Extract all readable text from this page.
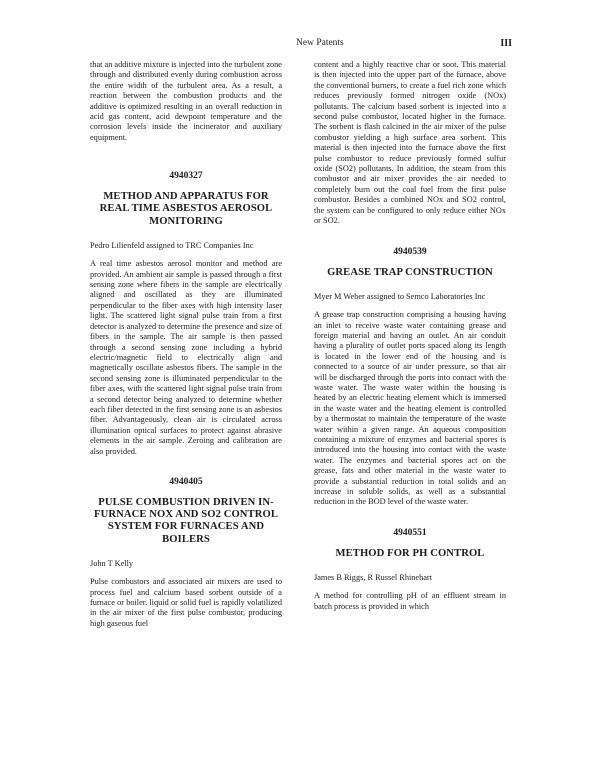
New Patents	III

that an additive mixture is injected into the turbulent zone through and distributed evenly during combustion across the entire width of the turbulent area. As a result, a reaction between the combustion products and the additive is optimized resulting in an overall reduction in acid gas content, acid dewpoint temperature and the corrosion levels inside the incinerator and auxiliary equipment.

4940327

METHOD AND APPARATUS FOR REAL TIME ASBESTOS AEROSOL MONITORING

Pedro Lilienfeld assigned to TRC Companies Inc

A real time asbestos aerosol monitor and method are provided. An ambient air sample is passed through a first sensing zone where fibers in the sample are electrically aligned and oscillated as they are illuminated perpendicular to the fiber axes with high intensity laser light. The scattered light signal pulse train from a first detector is analyzed to determine the presence and size of fibers in the sample. The air sample is then passed through a second sensing zone including a hybrid electric/magnetic field to electrically align and magnetically oscillate asbestos fibers. The sample in the second sensing zone is illuminated perpendicular to the fiber axes, with the scattered light signal pulse train from a second detector being analyzed to determine whether each fiber detected in the first sensing zone is an asbestos fiber. Advantageously, clean air is circulated across illumination optical surfaces to protect against abrasive elements in the air sample. Zeroing and calibration are also provided.

4940405

PULSE COMBUSTION DRIVEN IN-FURNACE NOX AND SO2 CONTROL SYSTEM FOR FURNACES AND BOILERS

John T Kelly

Pulse combustors and associated air mixers are used to process fuel and calcium based sorbent outside of a furnace or boiler. liquid or solid fuel is rapidly volatilized in the air mixer of the first pulse combustor, producing high gaseous fuel

content and a highly reactive char or soot. This material is then injected into the upper part of the furnace, above the conventional burners, to create a fuel rich zone which reduces previously formed nitrogen oxide (NOx) pollutants. The calcium based sorbent is injected into a second pulse combustor, located higher in the furnace. The sorbent is flash calcined in the air mixer of the pulse combustor yielding a high surface area sorbent. This material is then injected into the furnace above the first pulse combustor to reduce previously formed sulfur oxide (SO2) pollutants. In addition, the steam from this combustor and air mixer provides the air needed to completely burn out the coal fuel from the first pulse combustor. Besides a combined NOx and SO2 control, the system can be configured to only reduce either NOx or SO2.

4940539

GREASE TRAP CONSTRUCTION

Myer M Weber assigned to Semco Laboratories Inc

A grease trap construction comprising a housing having an inlet to receive waste water containing grease and foreign material and having an outlet. An air conduit having a plurality of outlet ports spaced along its length is located in the lower end of the housing and is connected to a source of air under pressure, so that air will be discharged through the ports into contact with the waste water. The waste water within the housing is heated by an electric heating element which is immersed in the waste water and the heating element is controlled by a thermostat to maintain the temperature of the waste water within a given range. An aqueous composition containing a mixture of enzymes and bacterial spores is introduced into the housing into contact with the waste water. The enzymes and bacterial spores act on the grease, fats and other material in the waste water to provide a substantial reduction in total solids and an increase in soluble solids, as well as a substantial reduction in the BOD level of the waste water.

4940551

METHOD FOR PH CONTROL

James B Riggs, R Russel Rhinehart

A method for controlling pH of an effluent stream in batch process is provided in which
